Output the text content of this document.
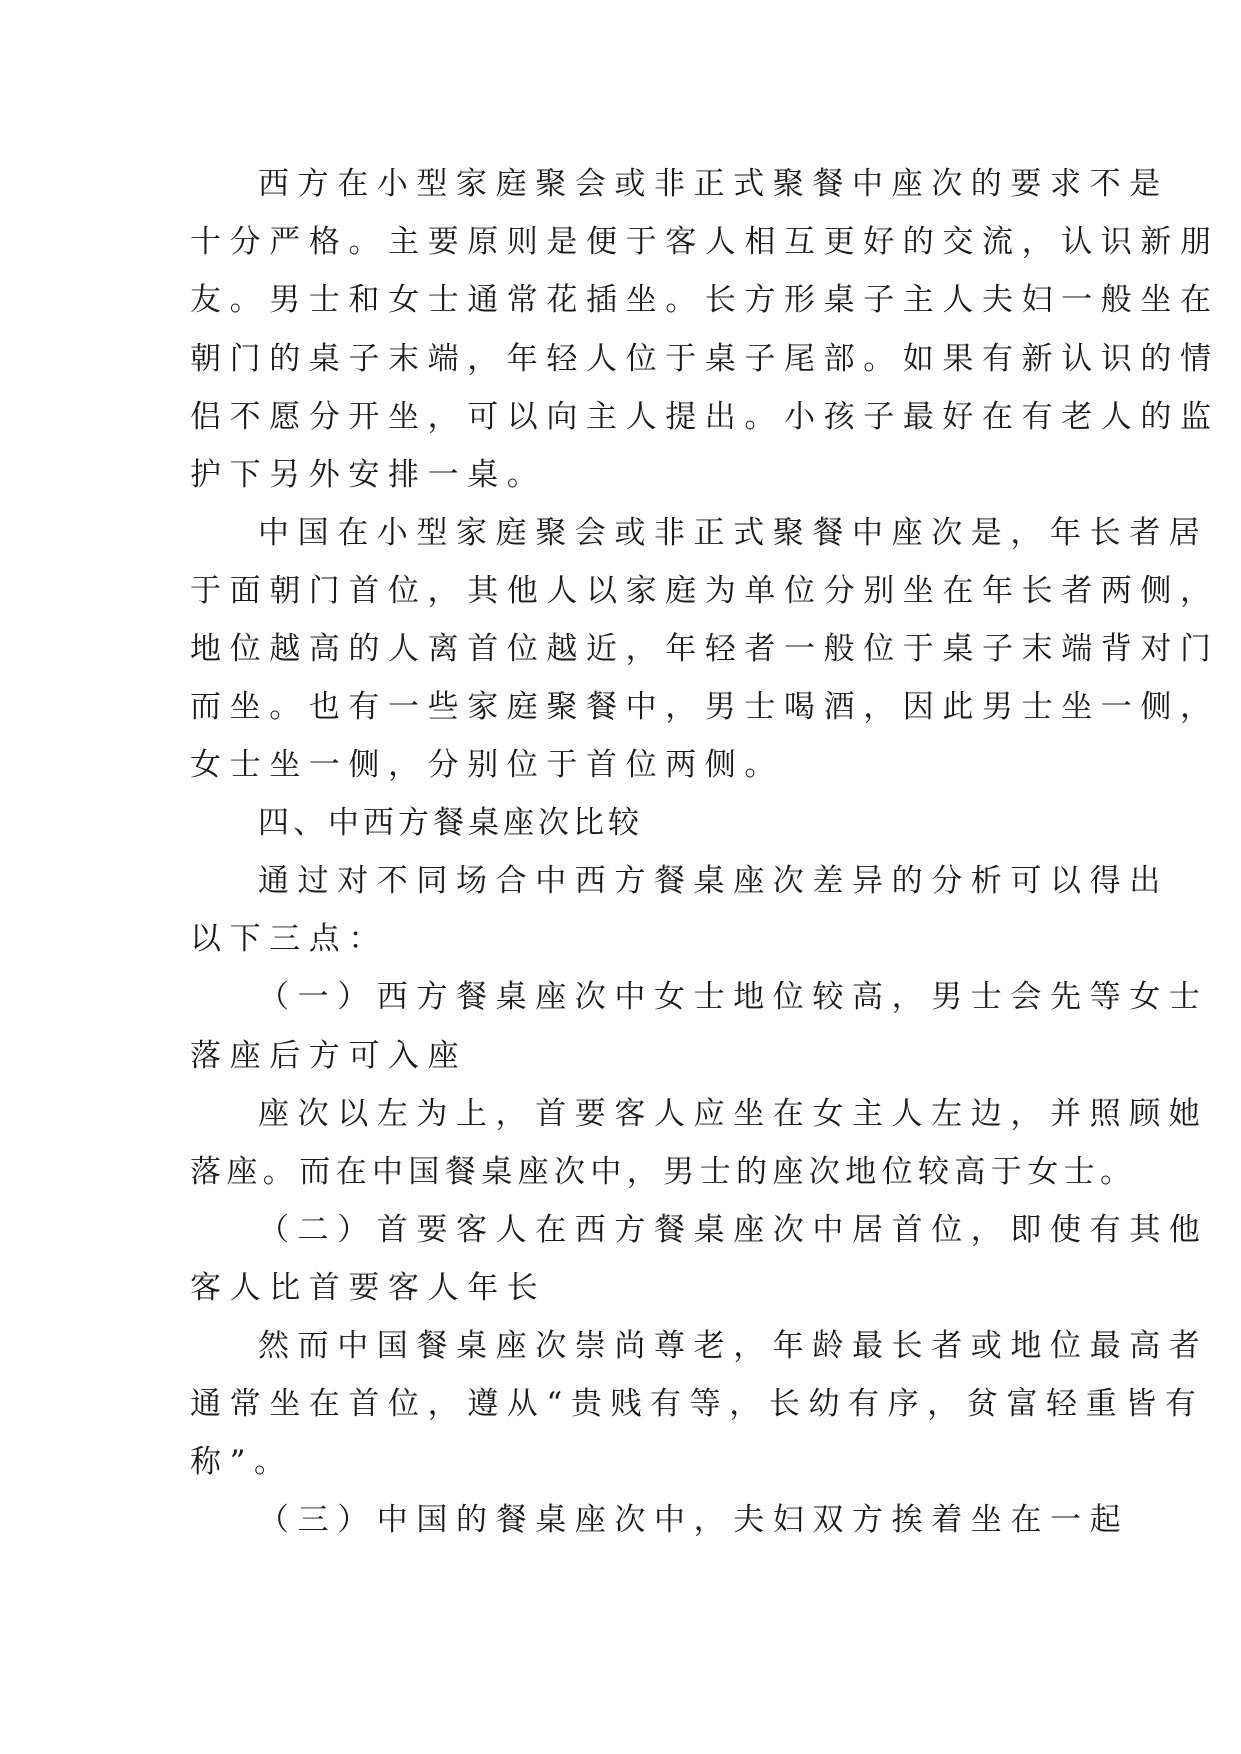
西方在小型家庭聚会或非正式聚餐中座次的要求不是

十分严格。主要原则是便于客人相互更好的交流，认识新朋

友。男士和女士通常花插坐。长方形桌子主人夫妇一般坐在

朝门的桌子末端，年轻人位于桌子尾部。如果有新认识的情

侣不愿分开坐，可以向主人提出。小孩子最好在有老人的监

护下另外安排一桌。

中国在小型家庭聚会或非正式聚餐中座次是，年长者居

于面朝门首位，其他人以家庭为单位分别坐在年长者两侧，

地位越高的人离首位越近，年轻者一般位于桌子末端背对门

而坐。也有一些家庭聚餐中，男士喝酒，因此男士坐一侧，

女士坐一侧，分别位于首位两侧。

四、中西方餐桌座次比较

通过对不同场合中西方餐桌座次差异的分析可以得出

以下三点：

（一）西方餐桌座次中女士地位较高，男士会先等女士

落座后方可入座

座次以左为上，首要客人应坐在女主人左边，并照顾她

落座。而在中国餐桌座次中，男士的座次地位较高于女士。

（二）首要客人在西方餐桌座次中居首位，即使有其他

客人比首要客人年长

然而中国餐桌座次崇尚尊老，年龄最长者或地位最高者

通常坐在首位，遵从“贵贱有等，长幼有序，贫富轻重皆有

称”。

（三）中国的餐桌座次中，夫妇双方挨着坐在一起
